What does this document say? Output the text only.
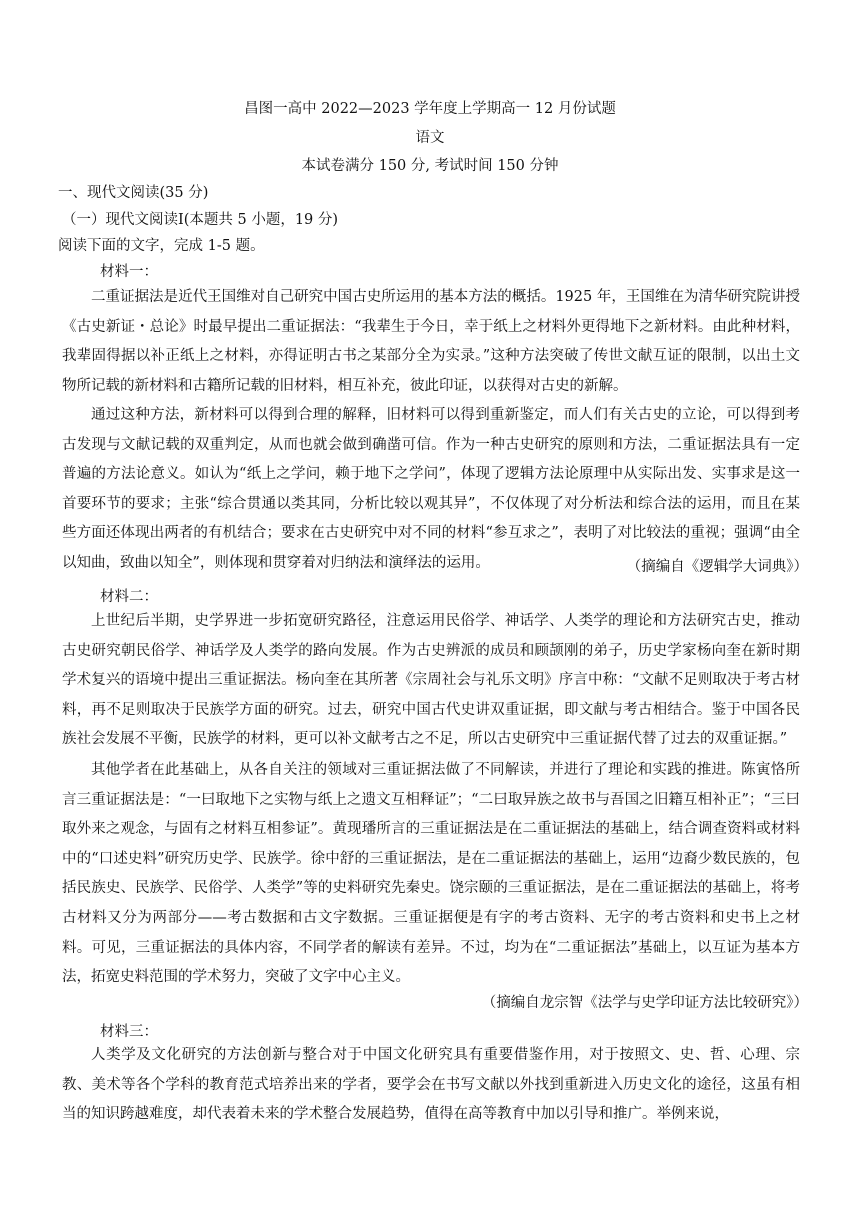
昌图一高中 2022—2023 学年度上学期高一 12 月份试题
语文
本试卷满分 150 分, 考试时间 150 分钟
一、现代文阅读(35 分)
（一）现代文阅读Ⅰ(本题共 5 小题，19 分)
阅读下面的文字，完成 1-5 题。
材料一：
二重证据法是近代王国维对自己研究中国古史所运用的基本方法的概括。1925 年，王国维在为清华研究院讲授《古史新证・总论》时最早提出二重证据法：“我辈生于今日，幸于纸上之材料外更得地下之新材料。由此种材料，我辈固得据以补正纸上之材料，亦得证明古书之某部分全为实录。”这种方法突破了传世文献互证的限制，以出土文物所记载的新材料和古籍所记载的旧材料，相互补充，彼此印证，以获得对古史的新解。
通过这种方法，新材料可以得到合理的解释，旧材料可以得到重新鉴定，而人们有关古史的立论，可以得到考古发现与文献记载的双重判定，从而也就会做到确凿可信。作为一种古史研究的原则和方法，二重证据法具有一定普遍的方法论意义。如认为“纸上之学问，赖于地下之学问”，体现了逻辑方法论原理中从实际出发、实事求是这一首要环节的要求；主张“综合贯通以类其同，分析比较以观其异”，不仅体现了对分析法和综合法的运用，而且在某些方面还体现出两者的有机结合；要求在古史研究中对不同的材料“参互求之”，表明了对比较法的重视；强调“由全以知曲，致曲以知全”，则体现和贯穿着对归纳法和演绎法的运用。	（摘编自《逻辑学大词典》）
材料二：
上世纪后半期，史学界进一步拓宽研究路径，注意运用民俗学、神话学、人类学的理论和方法研究古史，推动古史研究朝民俗学、神话学及人类学的路向发展。作为古史辨派的成员和顾颉刚的弟子，历史学家杨向奎在新时期学术复兴的语境中提出三重证据法。杨向奎在其所著《宗周社会与礼乐文明》序言中称：“文献不足则取决于考古材料，再不足则取决于民族学方面的研究。过去，研究中国古代史讲双重证据，即文献与考古相结合。鉴于中国各民族社会发展不平衡，民族学的材料，更可以补文献考古之不足，所以古史研究中三重证据代替了过去的双重证据。”
其他学者在此基础上，从各自关注的领域对三重证据法做了不同解读，并进行了理论和实践的推进。陈寅恪所言三重证据法是：“一曰取地下之实物与纸上之遗文互相释证”；“二曰取异族之故书与吾国之旧籍互相补正”；“三曰取外来之观念，与固有之材料互相参证”。黄现璠所言的三重证据法是在二重证据法的基础上，结合调查资料或材料中的“口述史料”研究历史学、民族学。徐中舒的三重证据法，是在二重证据法的基础上，运用“边裔少数民族的，包括民族史、民族学、民俗学、人类学”等的史料研究先秦史。饶宗颐的三重证据法，是在二重证据法的基础上，将考古材料又分为两部分——考古数据和古文字数据。三重证据便是有字的考古资料、无字的考古资料和史书上之材料。可见，三重证据法的具体内容，不同学者的解读有差异。不过，均为在“二重证据法”基础上，以互证为基本方法，拓宽史料范围的学术努力，突破了文字中心主义。
（摘编自龙宗智《法学与史学印证方法比较研究》）
材料三：
人类学及文化研究的方法创新与整合对于中国文化研究具有重要借鉴作用，对于按照文、史、哲、心理、宗教、美术等各个学科的教育范式培养出来的学者，要学会在书写文献以外找到重新进入历史文化的途径，这虽有相当的知识跨越难度，却代表着未来的学术整合发展趋势，值得在高等教育中加以引导和推广。举例来说，
